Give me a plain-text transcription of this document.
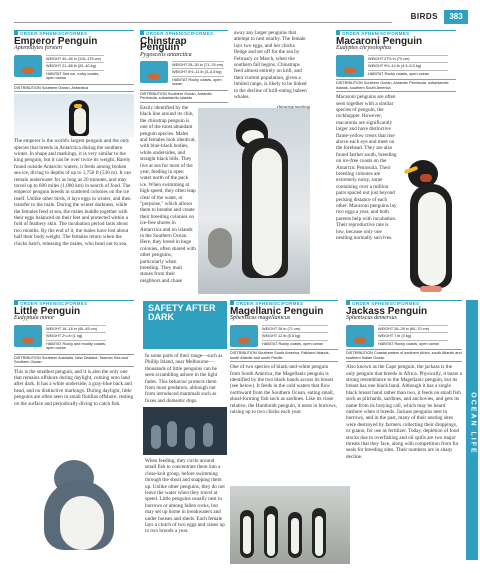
BIRDS	383
OCEAN LIFE
ORDER SPHENISCIFORMES
Emperor Penguin
Aptenodytes forsteri
WEIGHT 40–46 in (115–175 cm)
WEIGHT 21–88 lb (20–40 kg)
HABITAT Sea ice, rocky coasts, open ocean
DISTRIBUTION Southern Ocean, Antarctica
The emperor is the world's largest penguin and the only species that breeds in Antarctica during the southern winter. In shape and markings, it is very similar to the king penguin, but it can be over twice its weight. Rarely found outside Antarctic waters, it feeds among broken sea ice, diving to depths of up to 1,750 ft (530 m). It can remain underwater for as long as 20 minutes, and may travel up to 600 miles (1,000 km) in search of food. The emperor penguin breeds in scattered colonies on the ice itself. Unlike other birds, it lays eggs in winter, and then transfer to the male. During the winter darkness, while the females feed at sea, the males huddle together with their eggs balanced on their feet and protected within a fold of feathery skin. The incubation period lasts about two months. By the end of it, the males have lost about half their body weight. The females return when the chicks hatch, releasing the males, who head out to sea.
ORDER SPHENISCIFORMES
Chinstrap Penguin
Pygoscelis antarctica
WEIGHT 28–30 in (71–76 cm)
WEIGHT 6½–11 lb (3–4.5 kg)
HABITAT Rocky coasts, open ocean
DISTRIBUTION Southern Ocean, Antarctic Peninsula, subantarctic islands
Easily identified by the black line around its chin, the chinstrap penguin is one of the most abundant penguin species. Males and females look identical, with blue-black bodies, white undersides, and straight black bills. They live at sea for most of the year, feeding in open water north of the pack ice. When swimming at high speed, they often leap clear of the water, or "porpoise," which allows them to breathe and create their breeding colonies on ice-free shores in Antarctica and on islands in the Southern Ocean. Here, they breed in huge colonies, often shared with other penguins, particularly when breeding. They mail stones from their neighbors and chase
away any larger penguins that attempt to nest nearby. The female lays two eggs, and her chicks fledge and set off for the sea by February or March, when the southern fall begins. Chinstraps feed almost entirely on krill, and their current population, given a limited range, is likely to be linked to the decline of krill-eating baleen whales.
chinstrap marking
ORDER SPHENISCIFORMES
Macaroni Penguin
Eudyptes chrysolophus
WEIGHT 27½ in (70 cm)
WEIGHT 9½–14 lb (4.3–6.5 kg)
HABITAT Rocky coasts, open ocean
DISTRIBUTION Southern Ocean, Antarctic Peninsula, subantarctic islands, southern South America
Macaroni penguins are often seen together with a similar species of penguin, the rockhopper. However, macaronis are significantly larger and have distinctive flame-yellow crests that rise above each eye and meet on the forehead. They are also found farther south, breeding on ice-free coasts on the Antarctic Peninsula. Their breeding colonies are extremely noisy, some containing over a million pairs spaced out just beyond pecking distance of each other. Macaroni penguins lay two eggs a year, and both parents help with incubation. Their reproductive rate is low, because only one nestling normally survives.
ORDER SPHENISCIFORMES
Little Penguin
Eudyptula minor
WEIGHT 16–18 in (40–45 cm)
WEIGHT 2¼ lb (1 kg)
HABITAT Rocky and muddy coasts, open ocean
DISTRIBUTION Southern Australia, New Zealand, Tasman Sea and Southern Ocean
This is the smallest penguin, and it is also the only one that remains offshore during daylight, coming onto land after dark. It has a white underside, a gray-blue back and head, and no distinctive markings. During daylight, little penguins are often seen in small flotillas offshore, resting on the surface and periodically diving to catch fish.
SAFETY AFTER DARK
In some parts of their range—such as Phillip Island, near Melbourne—thousands of little penguins can be seen scrambling ashore in the light fades. This behavior protects them from most predators, although not from introduced mammals such as foxes and domestic dogs.
When feeding, they circle around small fish to concentrate them into a close-knit group, before swimming through the shoal and snapping them up. Unlike other penguins, they do not leave the water when they travel at speed. Little penguins usually nest in burrows or among fallen rocks, but may set up home in breakwaters and under houses and sheds. Each female lays a clutch of two eggs and raises up to two broods a year.
ORDER SPHENISCIFORMES
Magellanic Penguin
Spheniscus magellanicus
WEIGHT 28 in (71 cm)
WEIGHT 12 lb (5.5 kg)
HABITAT Rocky coasts, open ocean
DISTRIBUTION Southern South America, Falkland Islands, south Atlantic and south Pacific
One of two species of black-and-white penguin from South America, the Magellanic penguin is identified by the two black bands across its breast (see below). It feeds in the cold waters that flow northward from the Southern Ocean, eating small, shoal-forming fish such as sardines. Like its close relative, the Humboldt penguin, it nests in burrows, raising up to two chicks each year.
ORDER SPHENISCIFORMES
Jackass Penguin
Spheniscus demersus
WEIGHT 26–28 in (60–70 cm)
WEIGHT 7 lb (3 kg)
HABITAT Rocky coasts, open ocean
DISTRIBUTION Coastal waters of southern Africa, south Atlantic and southern Indian Ocean
Also known as the Cape penguin, the jackass is the only penguin that breeds in Africa. Physically, it bears a strong resemblance to the Magellanic penguin, but its breast has one black band. Although it has a single black breast band rather than two, it feeds on small fish such as pilchards, sardines, and anchovies, and gets its name from its braying call, which may be heard onshore when it breeds. Jackass penguins nest in burrows, and in the past, many of their nesting sites were destroyed by farmers collecting their droppings, or guano, for use as fertilizer. Today, depletion of food stocks due to overfishing and oil spills are two major threats that they face, along with competition from fur seals for breeding sites. Their numbers are in sharp decline.
